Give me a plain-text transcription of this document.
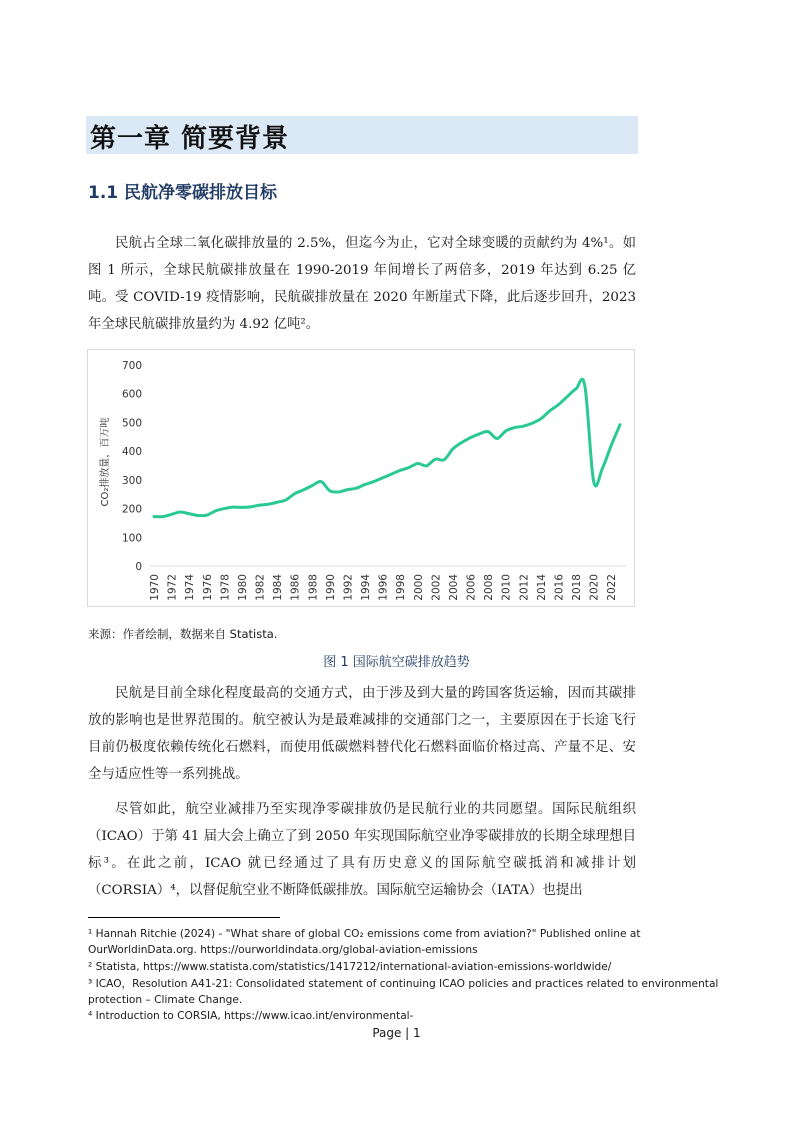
第一章 简要背景
1.1 民航净零碳排放目标

民航占全球二氧化碳排放量的 2.5%，但迄今为止，它对全球变暖的贡献约为 4%¹。如图 1 所示，全球民航碳排放量在 1990-2019 年间增长了两倍多，2019 年达到 6.25 亿吨。受 COVID-19 疫情影响，民航碳排放量在 2020 年断崖式下降，此后逐步回升，2023 年全球民航碳排放量约为 4.92 亿吨²。

0
100
200
300
400
500
600
700
1970 1972 1974 1976 1978 1980 1982 1984 1986 1988 1990 1992 1994 1996 1998 2000 2002 2004 2006 2008 2010 2012 2014 2016 2018 2020 2022
CO₂排放量，百万吨
来源：作者绘制，数据来自 Statista.
图 1 国际航空碳排放趋势

民航是目前全球化程度最高的交通方式，由于涉及到大量的跨国客货运输，因而其碳排放的影响也是世界范围的。航空被认为是最难减排的交通部门之一，主要原因在于长途飞行目前仍极度依赖传统化石燃料，而使用低碳燃料替代化石燃料面临价格过高、产量不足、安全与适应性等一系列挑战。

尽管如此，航空业减排乃至实现净零碳排放仍是民航行业的共同愿望。国际民航组织（ICAO）于第 41 届大会上确立了到 2050 年实现国际航空业净零碳排放的长期全球理想目标³。在此之前，ICAO 就已经通过了具有历史意义的国际航空碳抵消和减排计划（CORSIA）⁴，以督促航空业不断降低碳排放。国际航空运输协会（IATA）也提出

¹ Hannah Ritchie (2024) - "What share of global CO₂ emissions come from aviation?" Published online at OurWorldinData.org. https://ourworldindata.org/global-aviation-emissions

² Statista, https://www.statista.com/statistics/1417212/international-aviation-emissions-worldwide/

³ ICAO，Resolution A41-21: Consolidated statement of continuing ICAO policies and practices related to environmental protection – Climate Change.

⁴ Introduction to CORSIA, https://www.icao.int/environmental-

Page | 1
